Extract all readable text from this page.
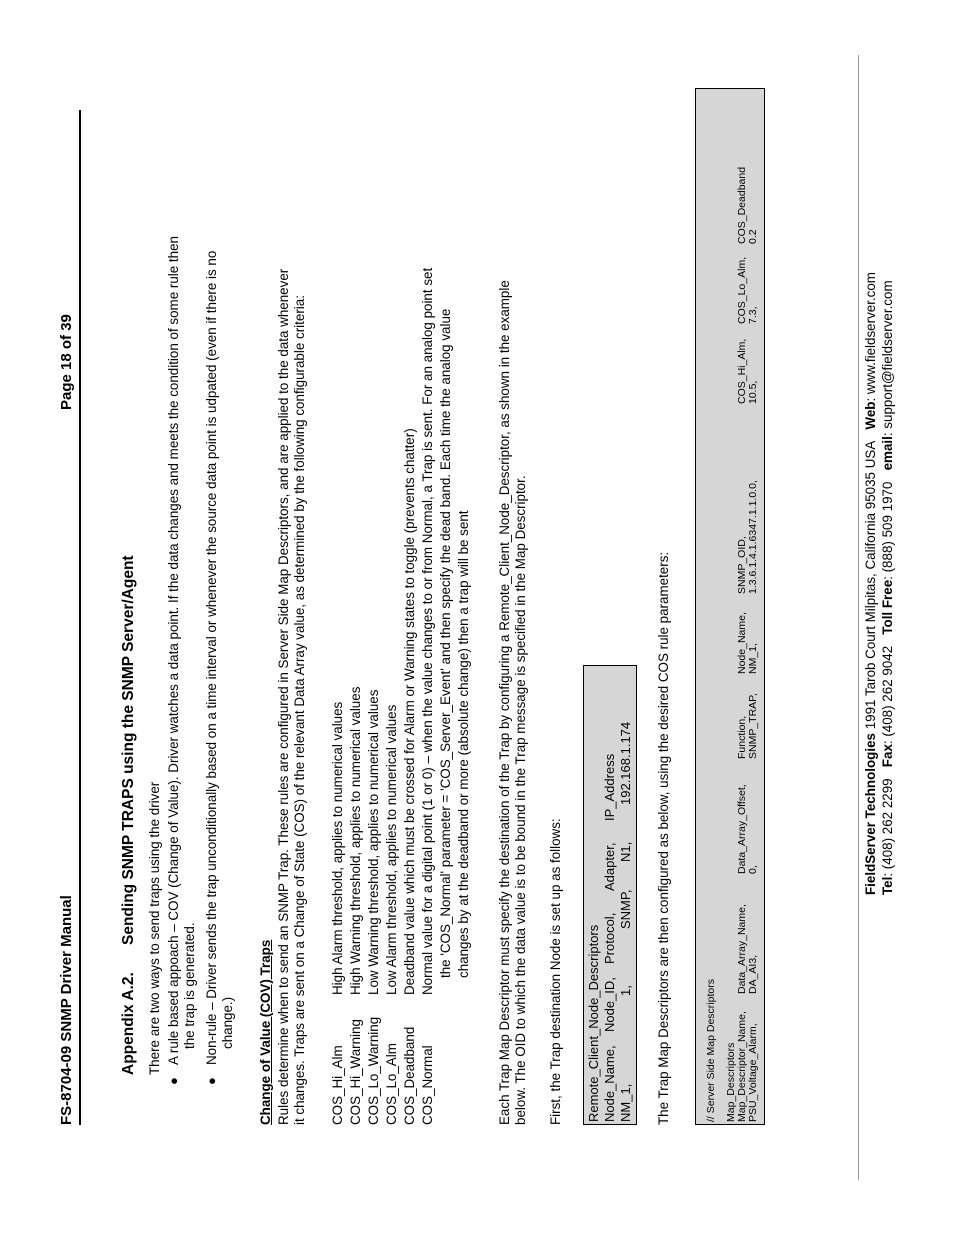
FS-8704-09 SNMP Driver Manual
Page 18 of 39
Appendix A.2.
Sending SNMP TRAPS using the SNMP Server/Agent There are two ways to send traps using the driver
●
A rule based appoach – COV (Change of Value). Driver watches a data point. If the data changes and meets the condition of some rule then the trap is generated.
●
Non-rule – Driver sends the trap unconditionally based on a time interval or whenever the source data point is udpated (even if there is no change.) Change of Value (COV) Traps Rules determine when to send an SNMP Trap. These rules are configured in Server Side Map Descriptors, and are applied to the data whenever it changes. Traps are sent on a Change of State (COS) of the relevant Data Array value, as determined by the following configurable criteria: COS_Hi_Alm
High Alarm threshold, applies to numerical values
COS_Hi_Warning
High Warning threshold, applies to numerical values
COS_Lo_Warning
Low Warning threshold, applies to numerical values
COS_Lo_Alm
Low Alarm threshold, applies to numerical values
COS_Deadband
Deadband value which must be crossed for Alarm or Warning states to toggle (prevents chatter)
COS_Normal
Normal value for a digital point (1 or 0) – when the value changes to or from Normal, a Trap is sent. For an analog point set the 'COS_Normal' parameter = 'COS_Server_Event' and then specify the dead band. Each time the analog value changes by at the deadband or more (absolute change) then a trap will be sent Each Trap Map Descriptor must specify the destination of the Trap by configuring a Remote_Client_Node_Descriptor, as shown in the example below. The OID to which the data value is to be bound in the Trap message is specified in the Map Descriptor. First, the Trap destination Node is set up as follows: Remote_Client_Node_Descriptors Node_Name,
Node_ID,
Protocol,
Adapter,
IP_Address
NM_1,
1,
SNMP,
N1,
192.168.1.174 The Trap Map Descriptors are then configured as below, using the desired COS rule parameters:	// Server Side Map Descriptors Map_Descriptors Map_Descriptor_Name,
Data_Array_Name,
Data_Array_Offset,
Function,
Node_Name,
SNMP_OID,
COS_Hi_Alm,
COS_Lo_Alm,
COS_Deadband
PSU_Voltage_Alarm,
DA_AI3,
0,
SNMP_TRAP,
NM_1,
1.3.6.1.4.1.6347.1.1.0.0,
10.5,
7.3,
0.2
FieldServer Technologies 1991 Tarob Court Milpitas, California 95035 USA   Web: www.fieldserver.com
Tel: (408) 262 2299   Fax: (408) 262 9042   Toll Free: (888) 509 1970   email: support@fieldserver.com
